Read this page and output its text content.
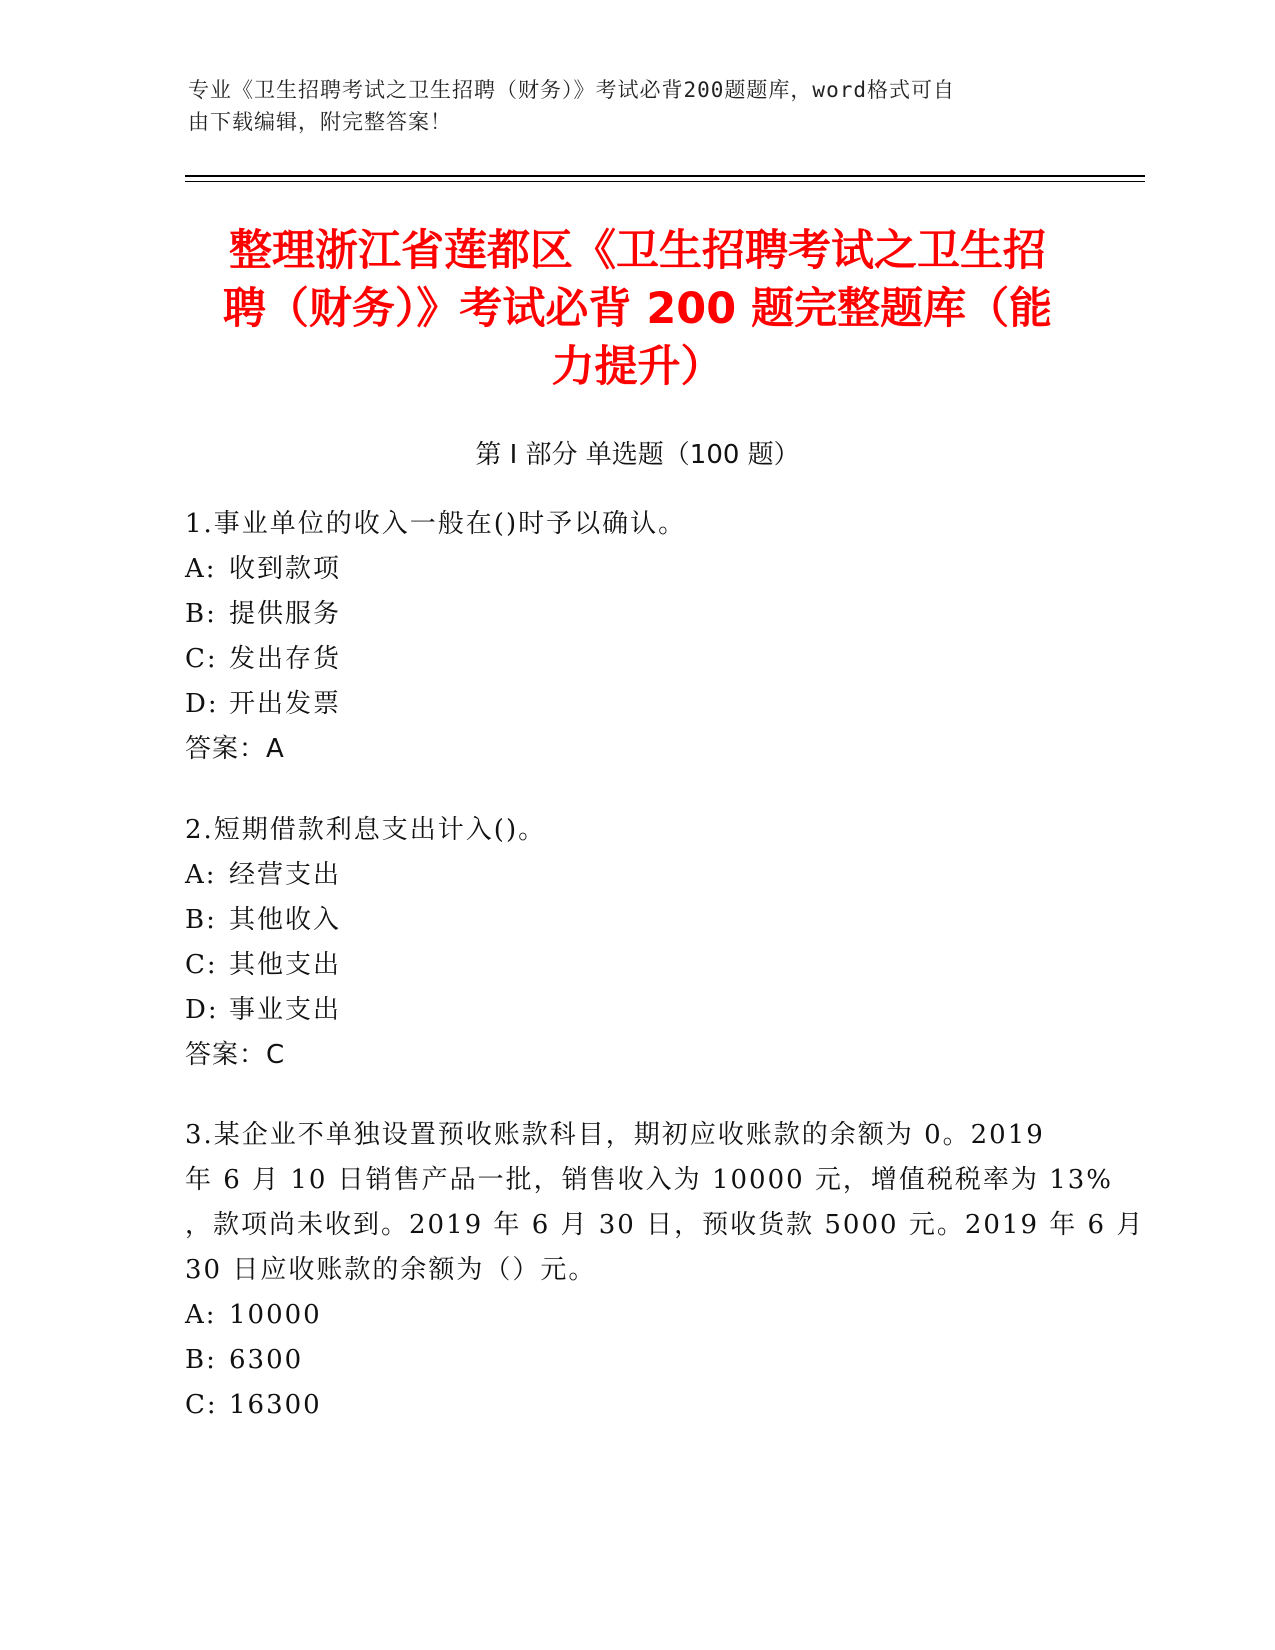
专业《卫生招聘考试之卫生招聘（财务）》考试必背200题题库，word格式可自
由下载编辑，附完整答案！
整理浙江省莲都区《卫生招聘考试之卫生招
聘（财务）》考试必背 200 题完整题库（能
力提升）
第 I 部分 单选题（100 题）
1.事业单位的收入一般在()时予以确认。
A: 收到款项
B: 提供服务
C: 发出存货
D: 开出发票
答案：A
2.短期借款利息支出计入()。
A: 经营支出
B: 其他收入
C: 其他支出
D: 事业支出
答案：C
3.某企业不单独设置预收账款科目，期初应收账款的余额为 0。2019
年 6 月 10 日销售产品一批，销售收入为 10000 元，增值税税率为 13%
，款项尚未收到。2019 年 6 月 30 日，预收货款 5000 元。2019 年 6 月
30 日应收账款的余额为（）元。
A: 10000
B: 6300
C: 16300
